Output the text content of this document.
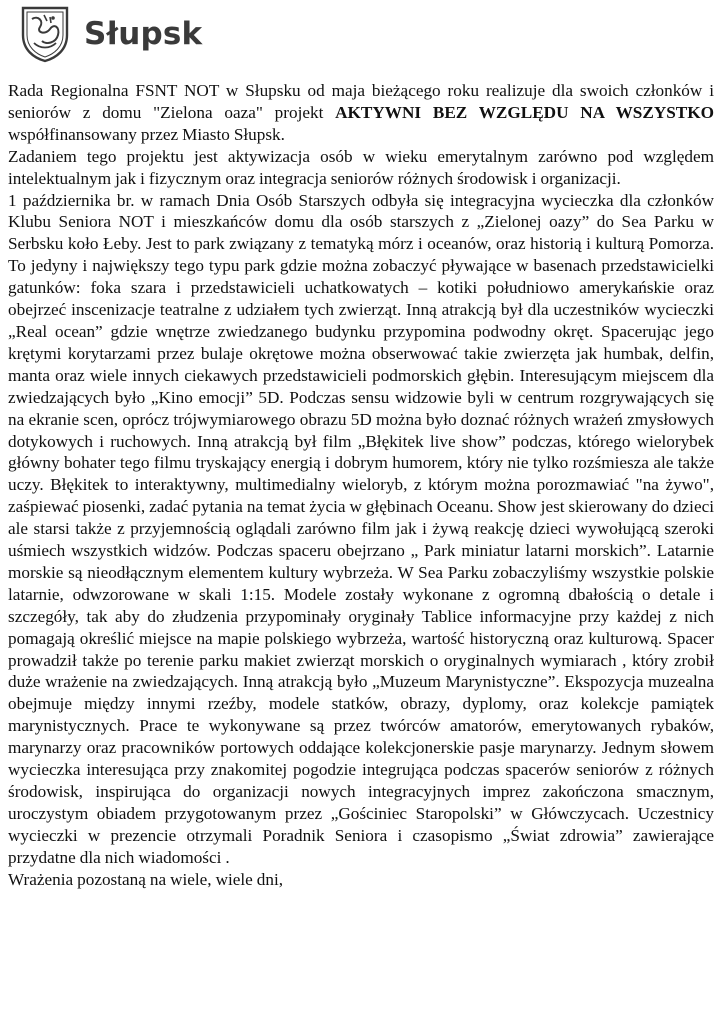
Słupsk

Rada Regionalna FSNT NOT w Słupsku od maja bieżącego roku realizuje dla swoich członków i seniorów z domu "Zielona oaza" projekt AKTYWNI BEZ WZGLĘDU NA WSZYSTKO współfinansowany przez Miasto Słupsk.

Zadaniem tego projektu jest aktywizacja osób w wieku emerytalnym zarówno pod względem intelektualnym jak i fizycznym oraz integracja seniorów różnych środowisk i organizacji.

1 października br. w ramach Dnia Osób Starszych odbyła się integracyjna wycieczka dla członków Klubu Seniora NOT i mieszkańców domu dla osób starszych z „Zielonej oazy” do Sea Parku w Serbsku koło Łeby. Jest to park związany z tematyką mórz i oceanów, oraz historią i kulturą Pomorza. To jedyny i największy tego typu park gdzie można zobaczyć pływające w basenach przedstawicielki gatunków: foka szara i przedstawicieli uchatkowatych – kotiki południowo amerykańskie oraz obejrzeć inscenizacje teatralne z udziałem tych zwierząt. Inną atrakcją był dla uczestników wycieczki „Real ocean” gdzie wnętrze zwiedzanego budynku przypomina podwodny okręt. Spacerując jego krętymi korytarzami przez bulaje okrętowe można obserwować takie zwierzęta jak humbak, delfin, manta oraz wiele innych ciekawych przedstawicieli podmorskich głębin. Interesującym miejscem dla zwiedzających było „Kino emocji” 5D. Podczas sensu widzowie byli w centrum rozgrywających się na ekranie scen, oprócz trójwymiarowego obrazu 5D można było doznać różnych wrażeń zmysłowych dotykowych i ruchowych. Inną atrakcją był film „Błękitek live show” podczas, którego wielorybek główny bohater tego filmu tryskający energią i dobrym humorem, który nie tylko rozśmiesza ale także uczy. Błękitek to interaktywny, multimedialny wieloryb, z którym można porozmawiać "na żywo", zaśpiewać piosenki, zadać pytania na temat życia w głębinach Oceanu. Show jest skierowany do dzieci ale starsi także z przyjemnością oglądali zarówno film jak i żywą reakcję dzieci wywołującą szeroki uśmiech wszystkich widzów. Podczas spaceru obejrzano „ Park miniatur latarni morskich”. Latarnie morskie są nieodłącznym elementem kultury wybrzeża. W Sea Parku zobaczyliśmy wszystkie polskie latarnie, odwzorowane w skali 1:15. Modele zostały wykonane z ogromną dbałością o detale i szczegóły, tak aby do złudzenia przypominały oryginały Tablice informacyjne przy każdej z nich pomagają określić miejsce na mapie polskiego wybrzeża, wartość historyczną oraz kulturową. Spacer prowadził także po terenie parku makiet zwierząt morskich o oryginalnych wymiarach , który zrobił duże wrażenie na zwiedzających. Inną atrakcją było „Muzeum Marynistyczne”. Ekspozycja muzealna obejmuje między innymi rzeźby, modele statków, obrazy, dyplomy, oraz kolekcje pamiątek marynistycznych. Prace te wykonywane są przez twórców amatorów, emerytowanych rybaków, marynarzy oraz pracowników portowych oddające kolekcjonerskie pasje marynarzy. Jednym słowem wycieczka interesująca przy znakomitej pogodzie integrująca podczas spacerów seniorów z różnych środowisk, inspirująca do organizacji nowych integracyjnych imprez zakończona smacznym, uroczystym obiadem przygotowanym przez „Gościniec Staropolski” w Główczycach. Uczestnicy wycieczki w prezencie otrzymali Poradnik Seniora i czasopismo „Świat zdrowia” zawierające przydatne dla nich wiadomości .

Wrażenia pozostaną na wiele, wiele dni,
